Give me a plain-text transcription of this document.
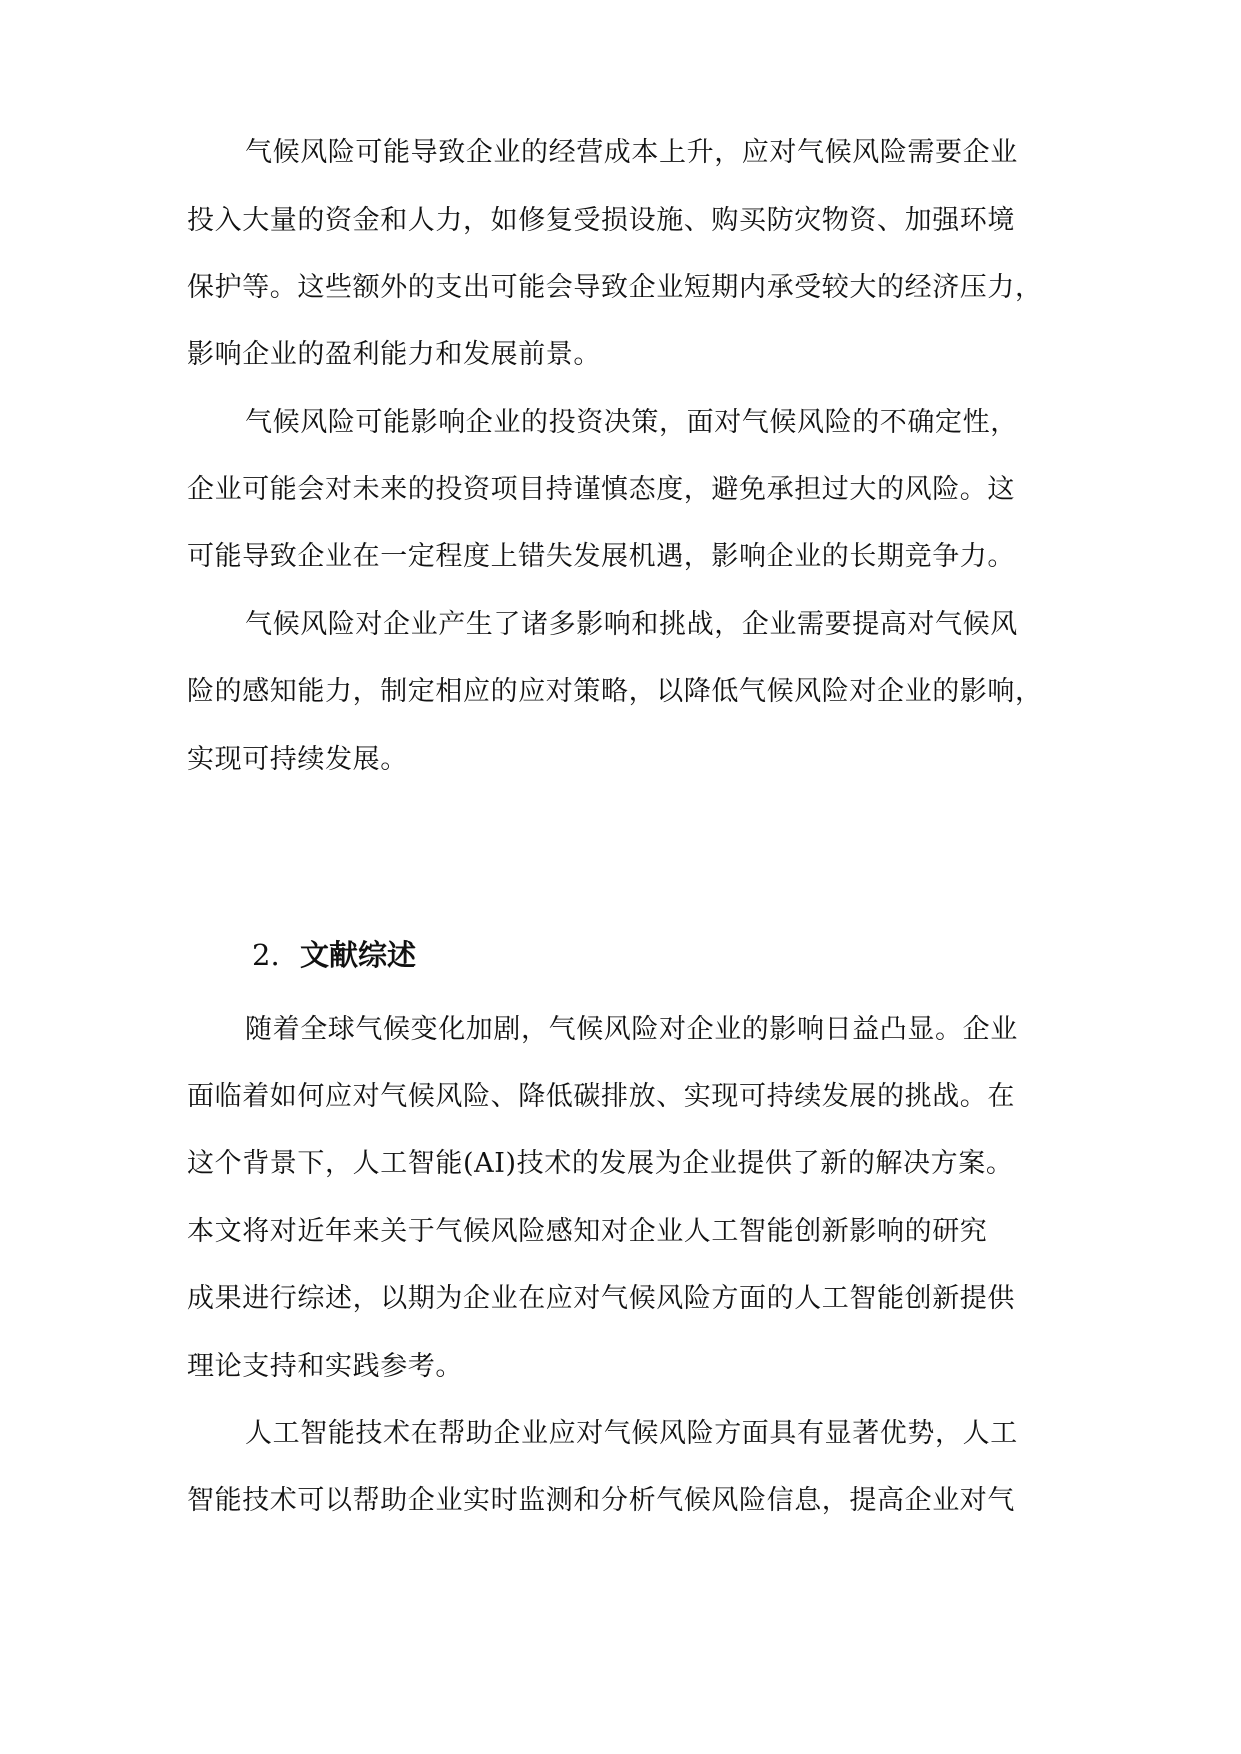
气候风险可能导致企业的经营成本上升，应对气候风险需要企业

投入大量的资金和人力，如修复受损设施、购买防灾物资、加强环境

保护等。这些额外的支出可能会导致企业短期内承受较大的经济压力，

影响企业的盈利能力和发展前景。

气候风险可能影响企业的投资决策，面对气候风险的不确定性，

企业可能会对未来的投资项目持谨慎态度，避免承担过大的风险。这

可能导致企业在一定程度上错失发展机遇，影响企业的长期竞争力。

气候风险对企业产生了诸多影响和挑战，企业需要提高对气候风

险的感知能力，制定相应的应对策略，以降低气候风险对企业的影响，

实现可持续发展。

2. 文献综述

随着全球气候变化加剧，气候风险对企业的影响日益凸显。企业

面临着如何应对气候风险、降低碳排放、实现可持续发展的挑战。在

这个背景下，人工智能(AI)技术的发展为企业提供了新的解决方案。

本文将对近年来关于气候风险感知对企业人工智能创新影响的研究

成果进行综述，以期为企业在应对气候风险方面的人工智能创新提供

理论支持和实践参考。

人工智能技术在帮助企业应对气候风险方面具有显著优势，人工

智能技术可以帮助企业实时监测和分析气候风险信息，提高企业对气
